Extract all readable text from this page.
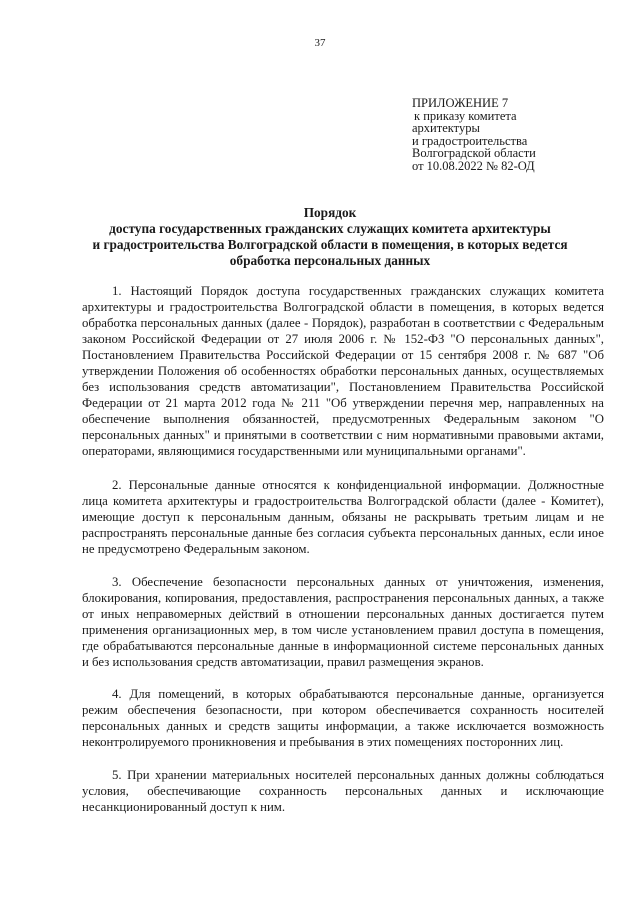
37
ПРИЛОЖЕНИЕ 7
к приказу комитета
архитектуры
и градостроительства
Волгоградской области
от 10.08.2022 № 82-ОД
Порядок
доступа государственных гражданских служащих комитета архитектуры
и градостроительства Волгоградской области в помещения, в которых ведется
обработка персональных данных

1. Настоящий Порядок доступа государственных гражданских служащих комитета архитектуры и градостроительства Волгоградской области в помещения, в которых ведется обработка персональных данных (далее - Порядок), разработан в соответствии с Федеральным законом Российской Федерации от 27 июля 2006 г. № 152-ФЗ "О персональных данных", Постановлением Правительства Российской Федерации от 15 сентября 2008 г. № 687 "Об утверждении Положения об особенностях обработки персональных данных, осуществляемых без использования средств автоматизации", Постановлением Правительства Российской Федерации от 21 марта 2012 года № 211 "Об утверждении перечня мер, направленных на обеспечение выполнения обязанностей, предусмотренных Федеральным законом "О персональных данных" и принятыми в соответствии с ним нормативными правовыми актами, операторами, являющимися государственными или муниципальными органами".

2. Персональные данные относятся к конфиденциальной информации. Должностные лица комитета архитектуры и градостроительства Волгоградской области (далее - Комитет), имеющие доступ к персональным данным, обязаны не раскрывать третьим лицам и не распространять персональные данные без согласия субъекта персональных данных, если иное не предусмотрено Федеральным законом.

3. Обеспечение безопасности персональных данных от уничтожения, изменения, блокирования, копирования, предоставления, распространения персональных данных, а также от иных неправомерных действий в отношении персональных данных достигается путем применения организационных мер, в том числе установлением правил доступа в помещения, где обрабатываются персональные данные в информационной системе персональных данных и без использования средств автоматизации, правил размещения экранов.

4. Для помещений, в которых обрабатываются персональные данные, организуется режим обеспечения безопасности, при котором обеспечивается сохранность носителей персональных данных и средств защиты информации, а также исключается возможность неконтролируемого проникновения и пребывания в этих помещениях посторонних лиц.

5. При хранении материальных носителей персональных данных должны соблюдаться условия, обеспечивающие сохранность персональных данных и исключающие несанкционированный доступ к ним.
